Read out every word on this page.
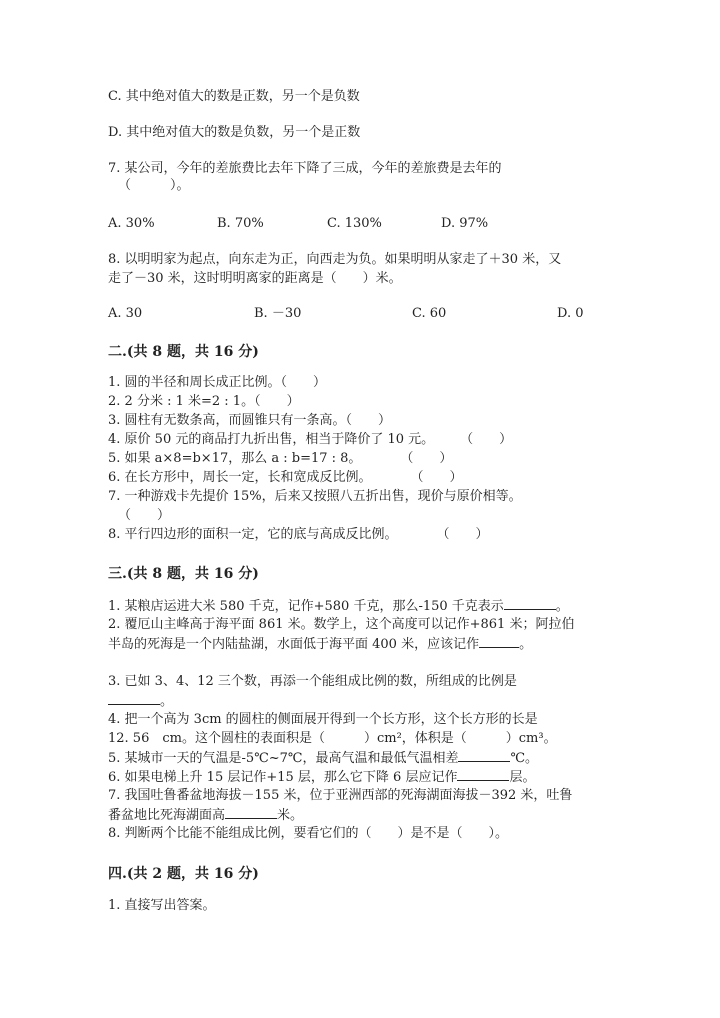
C. 其中绝对值大的数是正数，另一个是负数
D. 其中绝对值大的数是负数，另一个是正数
7. 某公司，今年的差旅费比去年下降了三成，今年的差旅费是去年的
（　　　）。
A. 30%	B. 70%	C. 130%	D. 97%
8. 以明明家为起点，向东走为正，向西走为负。如果明明从家走了＋30 米，又
走了－30 米，这时明明离家的距离是（　　）米。
A. 30	B. －30	C. 60	D. 0
二.(共 8 题，共 16 分)
1. 圆的半径和周长成正比例。（　　）
2. 2 分米 : 1 米=2 : 1。（　　）
3. 圆柱有无数条高，而圆锥只有一条高。（　　）
4. 原价 50 元的商品打九折出售，相当于降价了 10 元。　　　（　　）
5. 如果 a×8=b×17，那么 a : b=17 : 8。　　　　（　　）
6. 在长方形中，周长一定，长和宽成反比例。　　　　（　　）
7. 一种游戏卡先提价 15%，后来又按照八五折出售，现价与原价相等。
（　　）
8. 平行四边形的面积一定，它的底与高成反比例。　　　　（　　）
三.(共 8 题，共 16 分)
1. 某粮店运进大米 580 千克，记作+580 千克，那么-150 千克表示	。
2. 覆厄山主峰高于海平面 861 米。数学上，这个高度可以记作+861 米；阿拉伯
半岛的死海是一个内陆盐湖，水面低于海平面 400 米，应该记作	。
3. 已如 3、4、12 三个数，再添一个能组成比例的数，所组成的比例是
。
4. 把一个高为 3cm 的圆柱的侧面展开得到一个长方形，这个长方形的长是
12. 56　cm。这个圆柱的表面积是（　　　）cm²，体积是（　　　）cm³。
5. 某城市一天的气温是-5℃~7℃，最高气温和最低气温相差	℃。
6. 如果电梯上升 15 层记作+15 层，那么它下降 6 层应记作	层。
7. 我国吐鲁番盆地海拔－155 米，位于亚洲西部的死海湖面海拔－392 米，吐鲁
番盆地比死海湖面高	米。
8. 判断两个比能不能组成比例，要看它们的（　　）是不是（　　）。
四.(共 2 题，共 16 分)
1. 直接写出答案。
